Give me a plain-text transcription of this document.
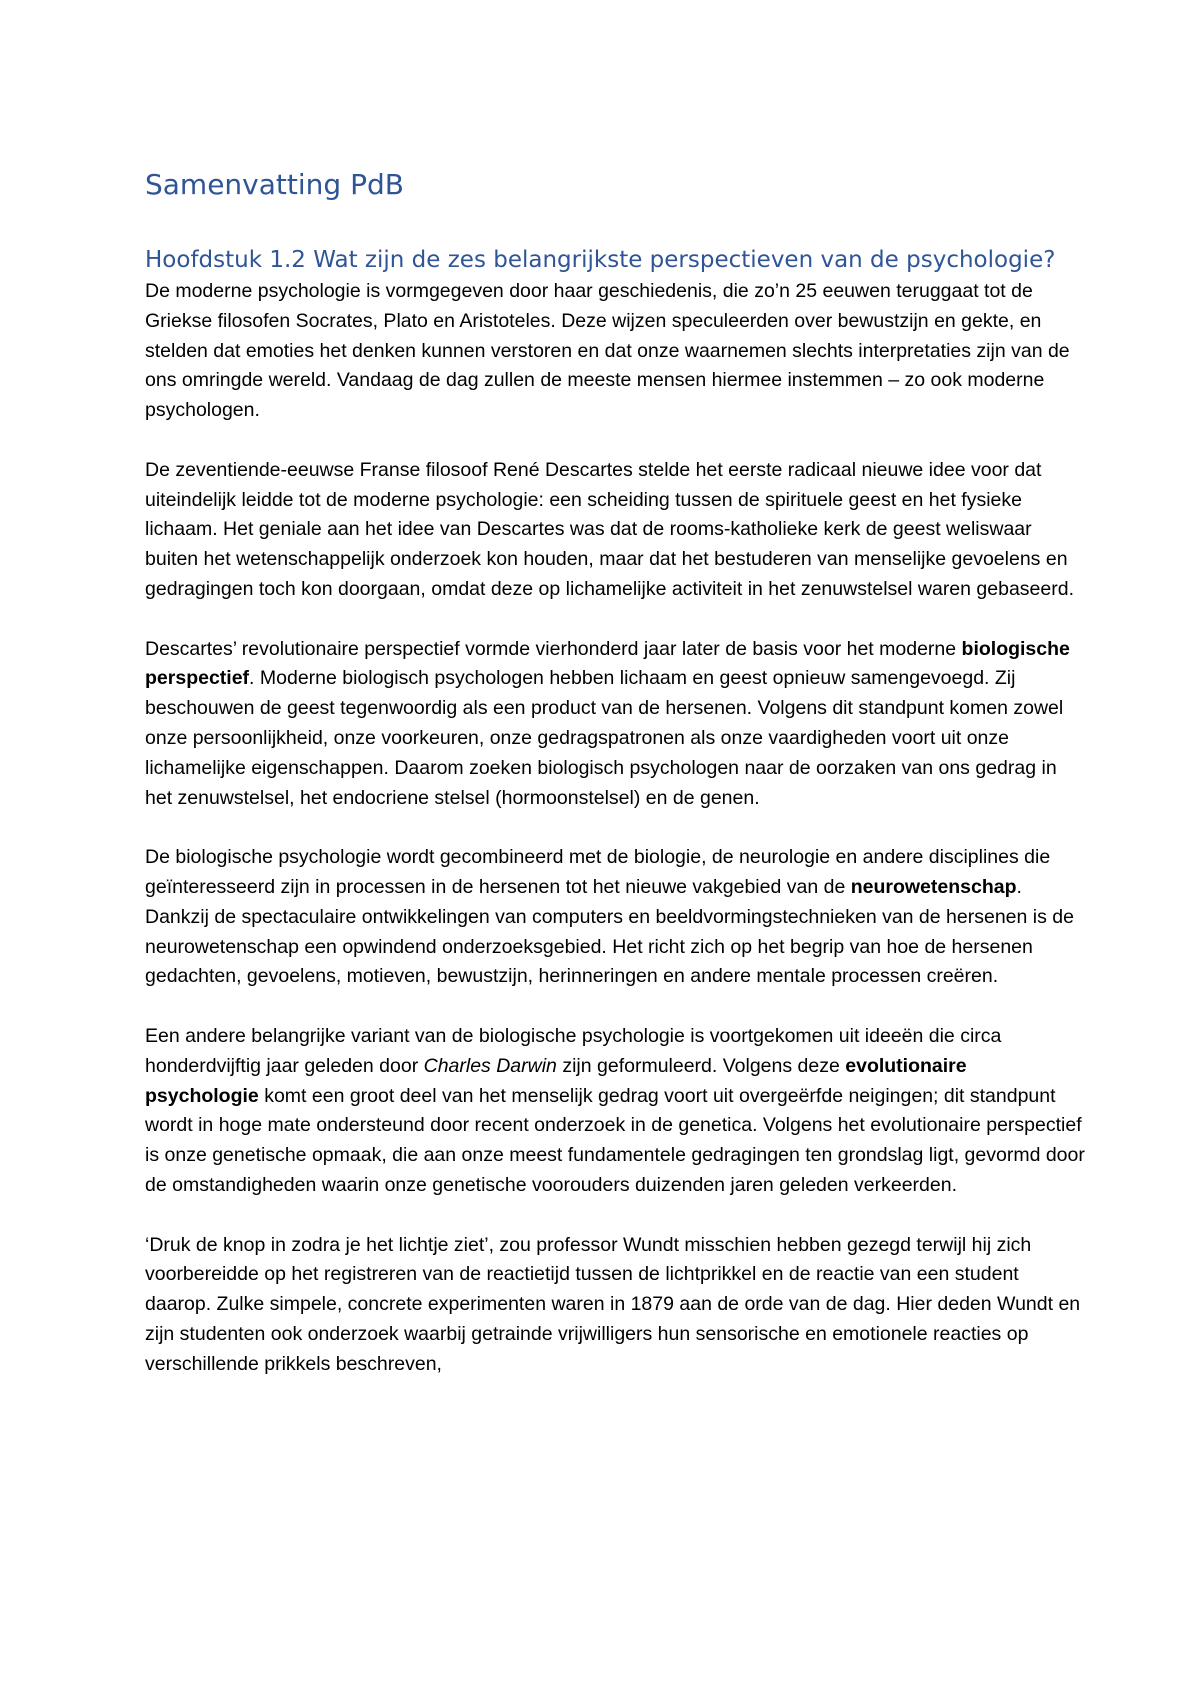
Samenvatting PdB
Hoofdstuk 1.2 Wat zijn de zes belangrijkste perspectieven van de psychologie?

De moderne psychologie is vormgegeven door haar geschiedenis, die zo’n 25 eeuwen teruggaat tot de Griekse filosofen Socrates, Plato en Aristoteles. Deze wijzen speculeerden over bewustzijn en gekte, en stelden dat emoties het denken kunnen verstoren en dat onze waarnemen slechts interpretaties zijn van de ons omringde wereld. Vandaag de dag zullen de meeste mensen hiermee instemmen – zo ook moderne psychologen.

De zeventiende-eeuwse Franse filosoof René Descartes stelde het eerste radicaal nieuwe idee voor dat uiteindelijk leidde tot de moderne psychologie: een scheiding tussen de spirituele geest en het fysieke lichaam. Het geniale aan het idee van Descartes was dat de rooms-katholieke kerk de geest weliswaar buiten het wetenschappelijk onderzoek kon houden, maar dat het bestuderen van menselijke gevoelens en gedragingen toch kon doorgaan, omdat deze op lichamelijke activiteit in het zenuwstelsel waren gebaseerd.

Descartes’ revolutionaire perspectief vormde vierhonderd jaar later de basis voor het moderne biologische perspectief. Moderne biologisch psychologen hebben lichaam en geest opnieuw samengevoegd. Zij beschouwen de geest tegenwoordig als een product van de hersenen. Volgens dit standpunt komen zowel onze persoonlijkheid, onze voorkeuren, onze gedragspatronen als onze vaardigheden voort uit onze lichamelijke eigenschappen. Daarom zoeken biologisch psychologen naar de oorzaken van ons gedrag in het zenuwstelsel, het endocriene stelsel (hormoonstelsel) en de genen.

De biologische psychologie wordt gecombineerd met de biologie, de neurologie en andere disciplines die geïnteresseerd zijn in processen in de hersenen tot het nieuwe vakgebied van de neurowetenschap. Dankzij de spectaculaire ontwikkelingen van computers en beeldvormingstechnieken van de hersenen is de neurowetenschap een opwindend onderzoeksgebied. Het richt zich op het begrip van hoe de hersenen gedachten, gevoelens, motieven, bewustzijn, herinneringen en andere mentale processen creëren.

Een andere belangrijke variant van de biologische psychologie is voortgekomen uit ideeën die circa honderdvijftig jaar geleden door Charles Darwin zijn geformuleerd. Volgens deze evolutionaire psychologie komt een groot deel van het menselijk gedrag voort uit overgeërfde neigingen; dit standpunt wordt in hoge mate ondersteund door recent onderzoek in de genetica. Volgens het evolutionaire perspectief is onze genetische opmaak, die aan onze meest fundamentele gedragingen ten grondslag ligt, gevormd door de omstandigheden waarin onze genetische voorouders duizenden jaren geleden verkeerden.

‘Druk de knop in zodra je het lichtje ziet’, zou professor Wundt misschien hebben gezegd terwijl hij zich voorbereidde op het registreren van de reactietijd tussen de lichtprikkel en de reactie van een student daarop. Zulke simpele, concrete experimenten waren in 1879 aan de orde van de dag. Hier deden Wundt en zijn studenten ook onderzoek waarbij getrainde vrijwilligers hun sensorische en emotionele reacties op verschillende prikkels beschreven,
